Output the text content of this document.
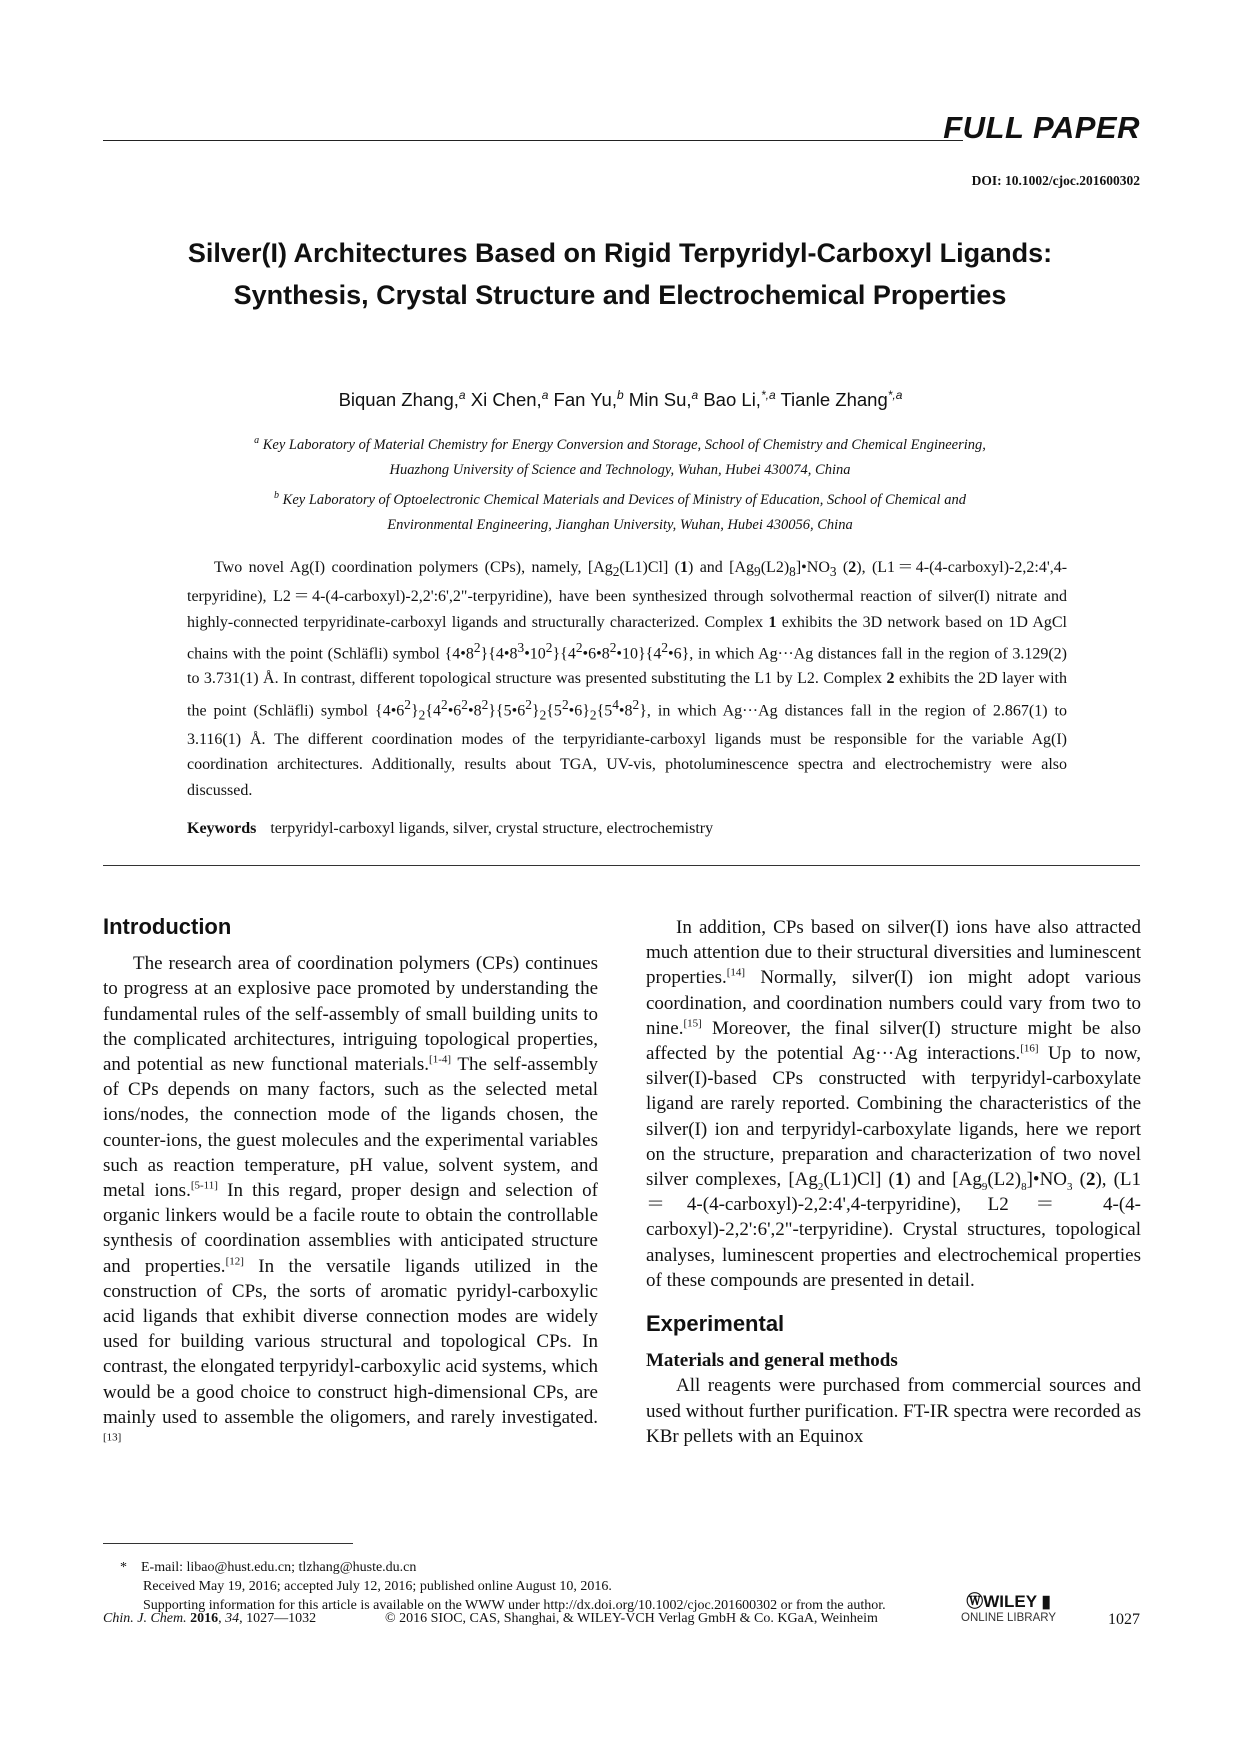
FULL PAPER
DOI: 10.1002/cjoc.201600302
Silver(I) Architectures Based on Rigid Terpyridyl-Carboxyl Ligands: Synthesis, Crystal Structure and Electrochemical Properties
Biquan Zhang,$^a$ Xi Chen,$^a$ Fan Yu,$^b$ Min Su,$^a$ Bao Li,$^{*,a}$ Tianle Zhang$^{*,a}$
$^a$ Key Laboratory of Material Chemistry for Energy Conversion and Storage, School of Chemistry and Chemical Engineering,
Huazhong University of Science and Technology, Wuhan, Hubei 430074, China
$^b$ Key Laboratory of Optoelectronic Chemical Materials and Devices of Ministry of Education, School of Chemical and
Environmental Engineering, Jianghan University, Wuhan, Hubei 430056, China
Two novel Ag(I) coordination polymers (CPs), namely, $[Ag_2(L1)Cl]$ (1) and $[Ag_9(L2)_8]•NO_3$ (2), (L1＝4-(4-carboxyl)-2,2:4',4-terpyridine), L2＝4-(4-carboxyl)-2,2':6',2"-terpyridine), have been synthesized through solvothermal reaction of silver(I) nitrate and highly-connected terpyridinate-carboxyl ligands and structurally characterized. Complex 1 exhibits the 3D network based on 1D AgCl chains with the point (Schläfli) symbol $\{4•8^2\}\{4•8^3•10^2\}\{4^2•6•8^2•10\}\{4^2•6\}$, in which Ag···Ag distances fall in the region of 3.129(2) to 3.731(1) Å. In contrast, different topological structure was presented substituting the L1 by L2. Complex 2 exhibits the 2D layer with the point (Schläfli) symbol $\{4•6^2\}_2\{4^2•6^2•8^2\}\{5•6^2\}_2\{5^2•6\}_2\{5^4•8^2\}$, in which Ag···Ag distances fall in the region of 2.867(1) to 3.116(1) Å. The different coordination modes of the terpyridiante-carboxyl ligands must be responsible for the variable Ag(I) coordination architectures. Additionally, results about TGA, UV-vis, photoluminescence spectra and electrochemistry were also discussed.
Keywords terpyridyl-carboxyl ligands, silver, crystal structure, electrochemistry
Introduction

The research area of coordination polymers (CPs) continues to progress at an explosive pace promoted by understanding the fundamental rules of the self-assembly of small building units to the complicated architectures, intriguing topological properties, and potential as new functional materials.[1-4] The self-assembly of CPs depends on many factors, such as the selected metal ions/nodes, the connection mode of the ligands chosen, the counter-ions, the guest molecules and the experimental variables such as reaction temperature, pH value, solvent system, and metal ions.[5-11] In this regard, proper design and selection of organic linkers would be a facile route to obtain the controllable synthesis of coordination assemblies with anticipated structure and properties.[12] In the versatile ligands utilized in the construction of CPs, the sorts of aromatic pyridyl-carboxylic acid ligands that exhibit diverse connection modes are widely used for building various structural and topological CPs. In contrast, the elongated terpyridyl-carboxylic acid systems, which would be a good choice to construct high-dimensional CPs, are mainly used to assemble the oligomers, and rarely investigated.[13]

In addition, CPs based on silver(I) ions have also attracted much attention due to their structural diversities and luminescent properties.[14] Normally, silver(I) ion might adopt various coordination, and coordination numbers could vary from two to nine.[15] Moreover, the final silver(I) structure might be also affected by the potential Ag···Ag interactions.[16] Up to now, silver(I)-based CPs constructed with terpyridyl-carboxylate ligand are rarely reported. Combining the characteristics of the silver(I) ion and terpyridyl-carboxylate ligands, here we report on the structure, preparation and characterization of two novel silver complexes, $[Ag_2(L1)Cl]$ (1) and $[Ag_9(L2)_8]•NO_3$ (2), (L1＝4-(4-carboxyl)-2,2:4',4-terpyridine), L2 ＝ 4-(4-carboxyl)-2,2':6',2"-terpyridine). Crystal structures, topological analyses, luminescent properties and electrochemical properties of these compounds are presented in detail.

Experimental
Materials and general methods

All reagents were purchased from commercial sources and used without further purification. FT-IR spectra were recorded as KBr pellets with an Equinox

* E-mail: libao@hust.edu.cn; tlzhang@huste.du.cn
Received May 19, 2016; accepted July 12, 2016; published online August 10, 2016.
Supporting information for this article is available on the WWW under http://dx.doi.org/10.1002/cjoc.201600302 or from the author.
Chin. J. Chem. 2016, 34, 1027—1032	© 2016 SIOC, CAS, Shanghai, & WILEY-VCH Verlag GmbH & Co. KGaA, Weinheim
ⓌWILEY ▮
ONLINE LIBRARY	1027
